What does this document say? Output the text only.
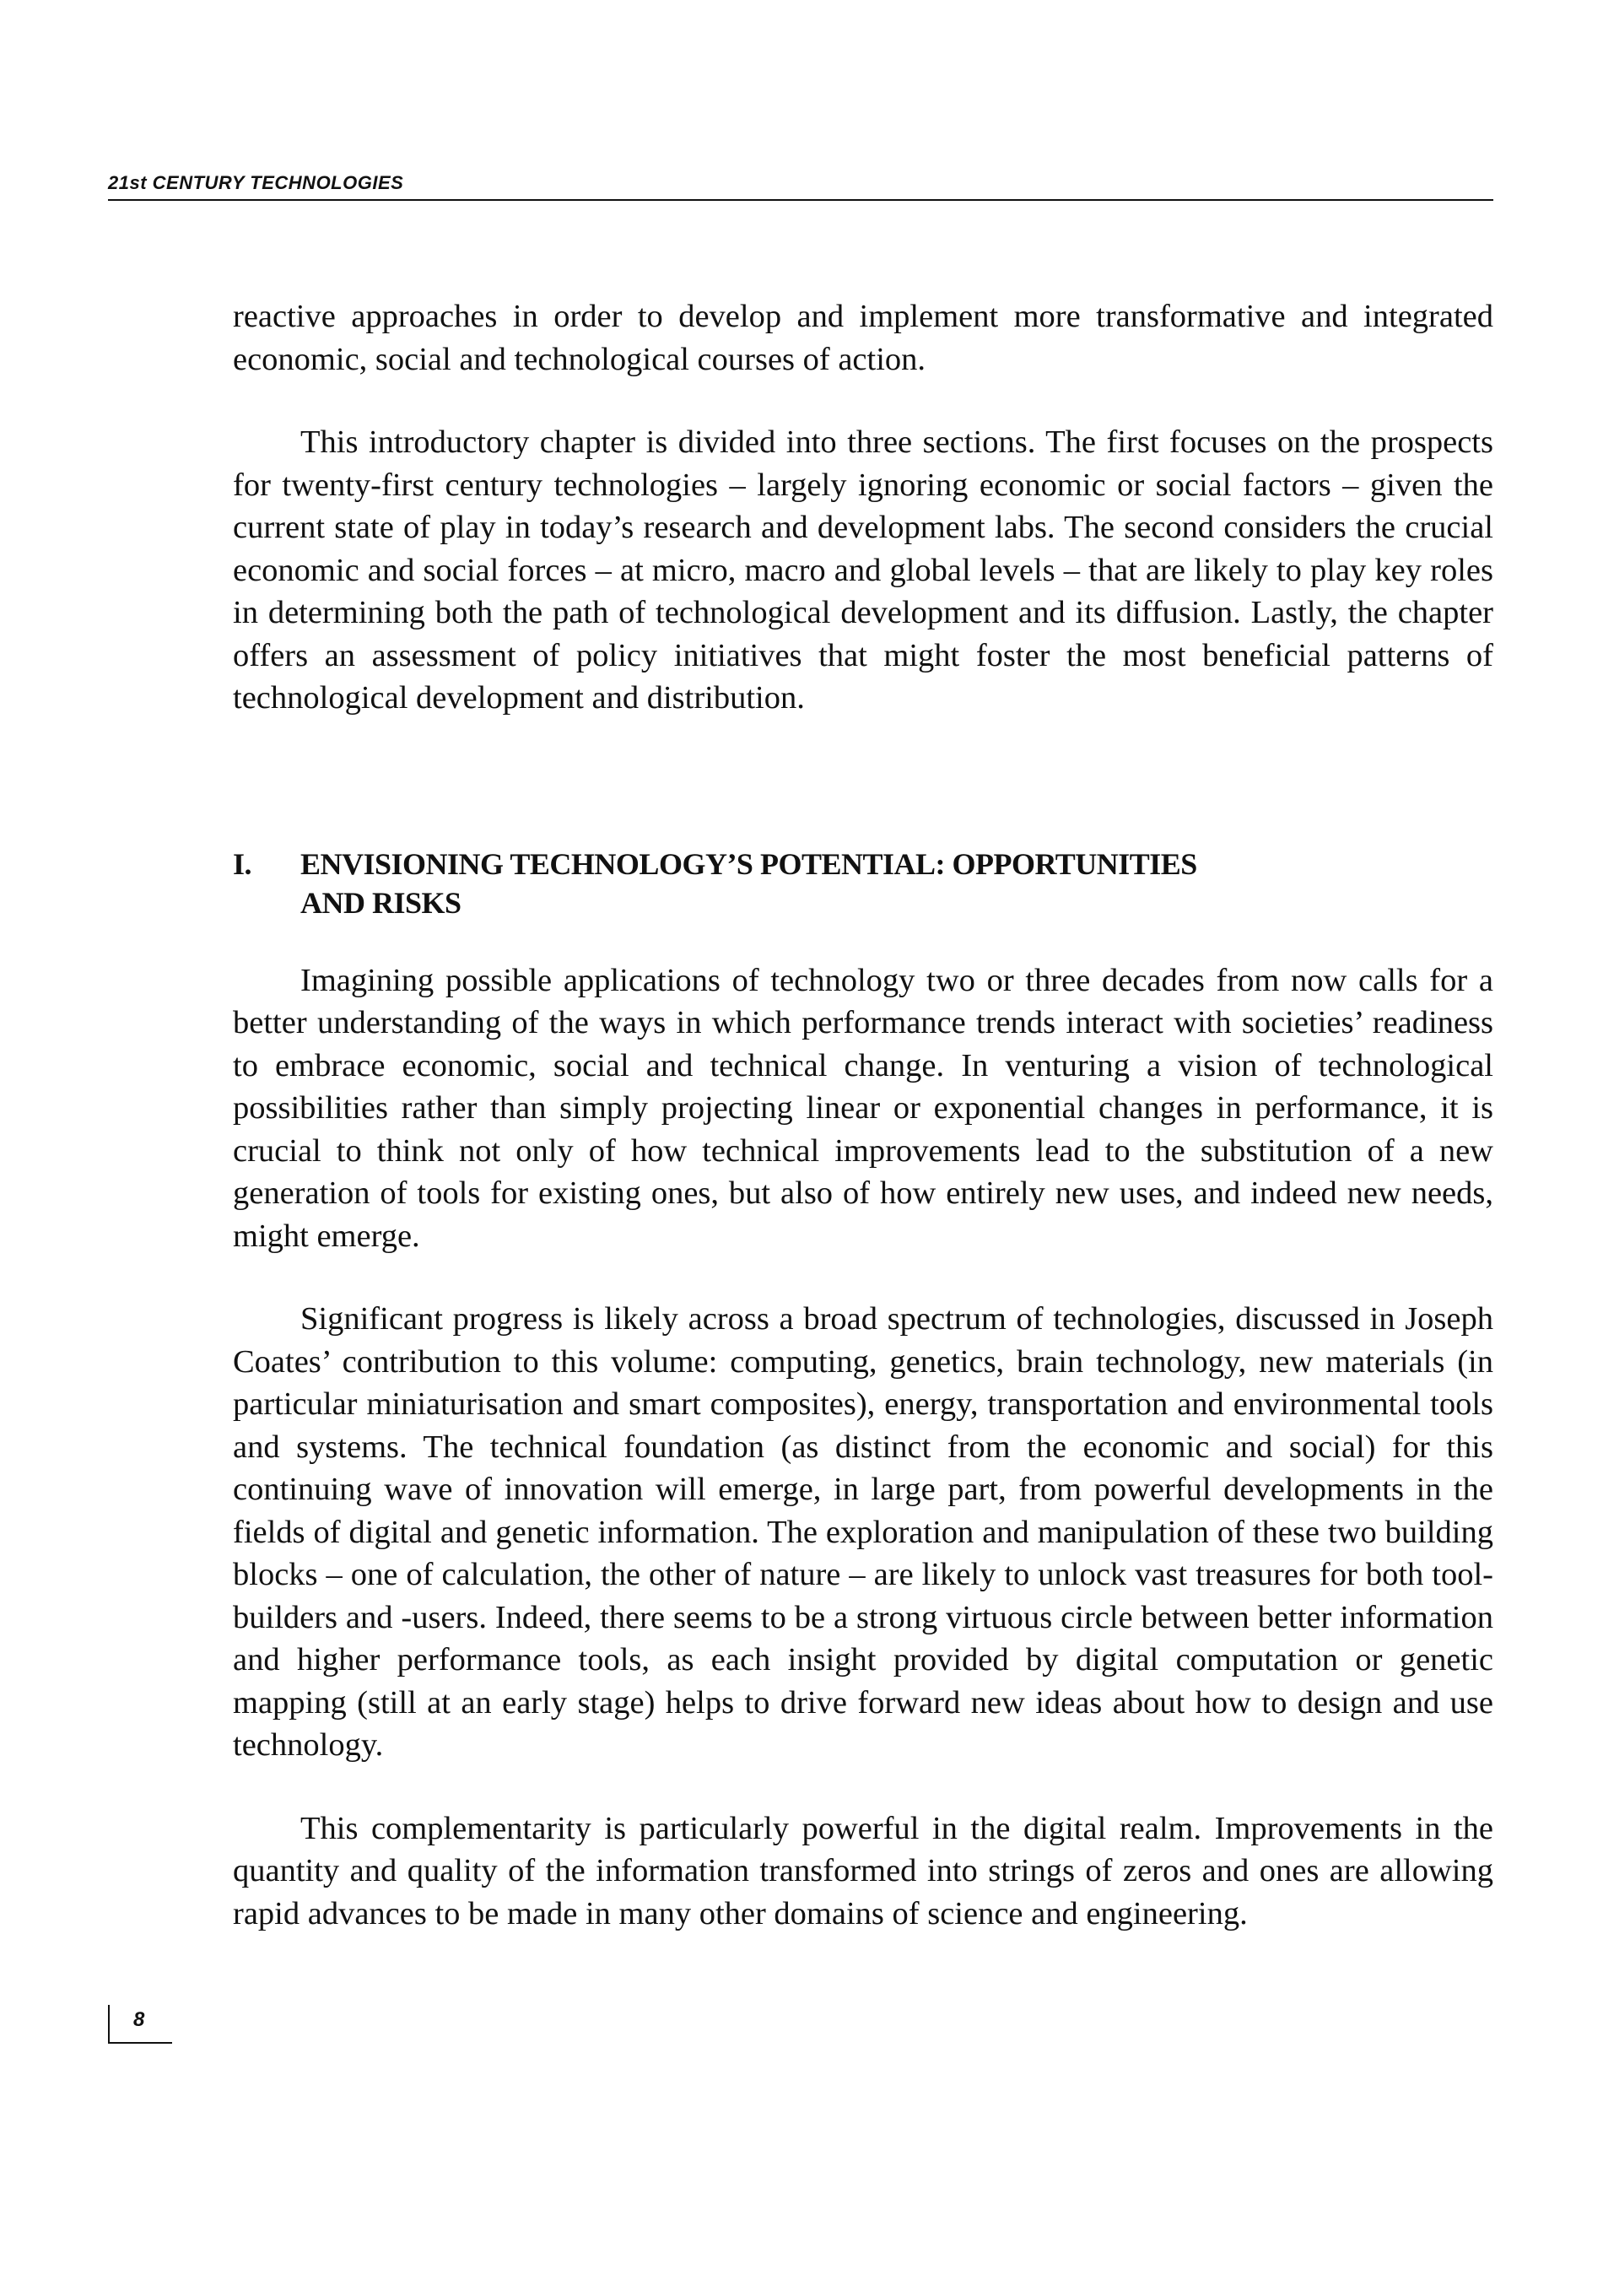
21st CENTURY TECHNOLOGIES

reactive approaches in order to develop and implement more transformative and integrated economic, social and technological courses of action.

This introductory chapter is divided into three sections. The first focuses on the prospects for twenty-first century technologies – largely ignoring economic or social factors – given the current state of play in today’s research and development labs. The second considers the crucial economic and social forces – at micro, macro and global levels – that are likely to play key roles in determining both the path of technological development and its diffusion. Lastly, the chapter offers an assessment of policy initiatives that might foster the most beneficial patterns of technological development and distribution.

I.	ENVISIONING TECHNOLOGY’S POTENTIAL: OPPORTUNITIES
AND RISKS

Imagining possible applications of technology two or three decades from now calls for a better understanding of the ways in which performance trends interact with societies’ readiness to embrace economic, social and technical change. In venturing a vision of technological possibilities rather than simply projecting linear or exponential changes in performance, it is crucial to think not only of how technical improvements lead to the substitution of a new generation of tools for existing ones, but also of how entirely new uses, and indeed new needs, might emerge.

Significant progress is likely across a broad spectrum of technologies, discussed in Joseph Coates’ contribution to this volume: computing, genetics, brain technology, new materials (in particular miniaturisation and smart composites), energy, transportation and environmental tools and systems. The technical foundation (as distinct from the economic and social) for this continuing wave of innovation will emerge, in large part, from powerful developments in the fields of digital and genetic information. The exploration and manipulation of these two building blocks – one of calculation, the other of nature – are likely to unlock vast treasures for both tool-builders and -users. Indeed, there seems to be a strong virtuous circle between better information and higher performance tools, as each insight provided by digital computation or genetic mapping (still at an early stage) helps to drive forward new ideas about how to design and use technology.

This complementarity is particularly powerful in the digital realm. Improvements in the quantity and quality of the information transformed into strings of zeros and ones are allowing rapid advances to be made in many other domains of science and engineering.

8
